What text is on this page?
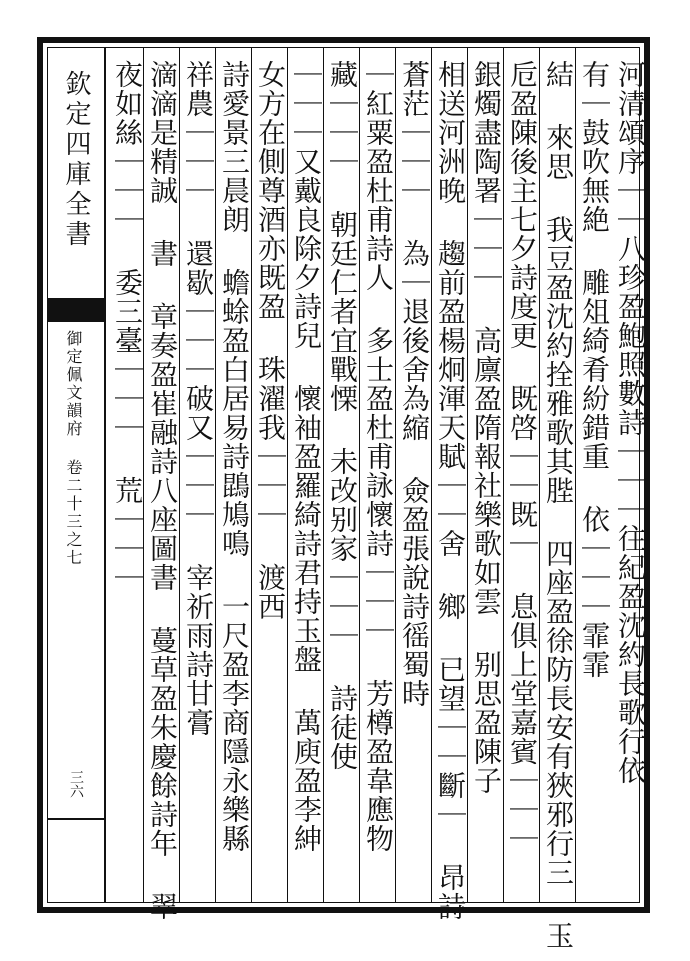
欽定四庫全書
御定佩文韻府 卷二十三之七
三六	河清頌序｜｜八珍盈鮑照數詩｜｜｜往紀盈沈約長歌行依
有｜鼓吹無絶 雕俎綺肴紛錯重 依｜｜｜霏霏
結 來思 我豆盈沈約拴雅歌其䏶 四座盈徐防長安有狹邪行三 玉
卮盈陳後主七夕詩度更 既啓｜｜既｜ 息俱上堂嘉賓｜｜｜
銀燭盡陶署｜｜｜ 高廪盈隋報社樂歌如雲 别思盈陳子
相送河洲晚 趨前盈楊炯渾天賦｜｜舍 鄉 已望｜｜斷｜ 昂詩
蒼茫｜｜｜ 為｜退後舍為縮 僉盈張說詩徭蜀時
｜紅粟盈杜甫詩人 多士盈杜甫詠懷詩｜｜｜ 芳樽盈韋應物
藏｜｜｜ 朝廷仁者宜戰慄 未改别家｜｜｜ 詩徒使
｜｜｜又戴良除夕詩兒 懷袖盈羅綺詩君持玉盤 萬庾盈李紳
女方在側尊酒亦既盈 珠濯我｜｜｜ 渡西
詩愛景三晨朗 蟾蜍盈白居易詩鵾鳩鳴 一尺盈李商隱永樂縣
祥農｜｜｜ 還歇｜｜｜破又｜｜｜ 宰祈雨詩甘膏
滴滴是精誠 書 章奏盈崔融詩八座圖書 蔓草盈朱慶餘詩年 翠
夜如絲｜｜｜ 委三臺｜｜｜ 荒｜｜｜
